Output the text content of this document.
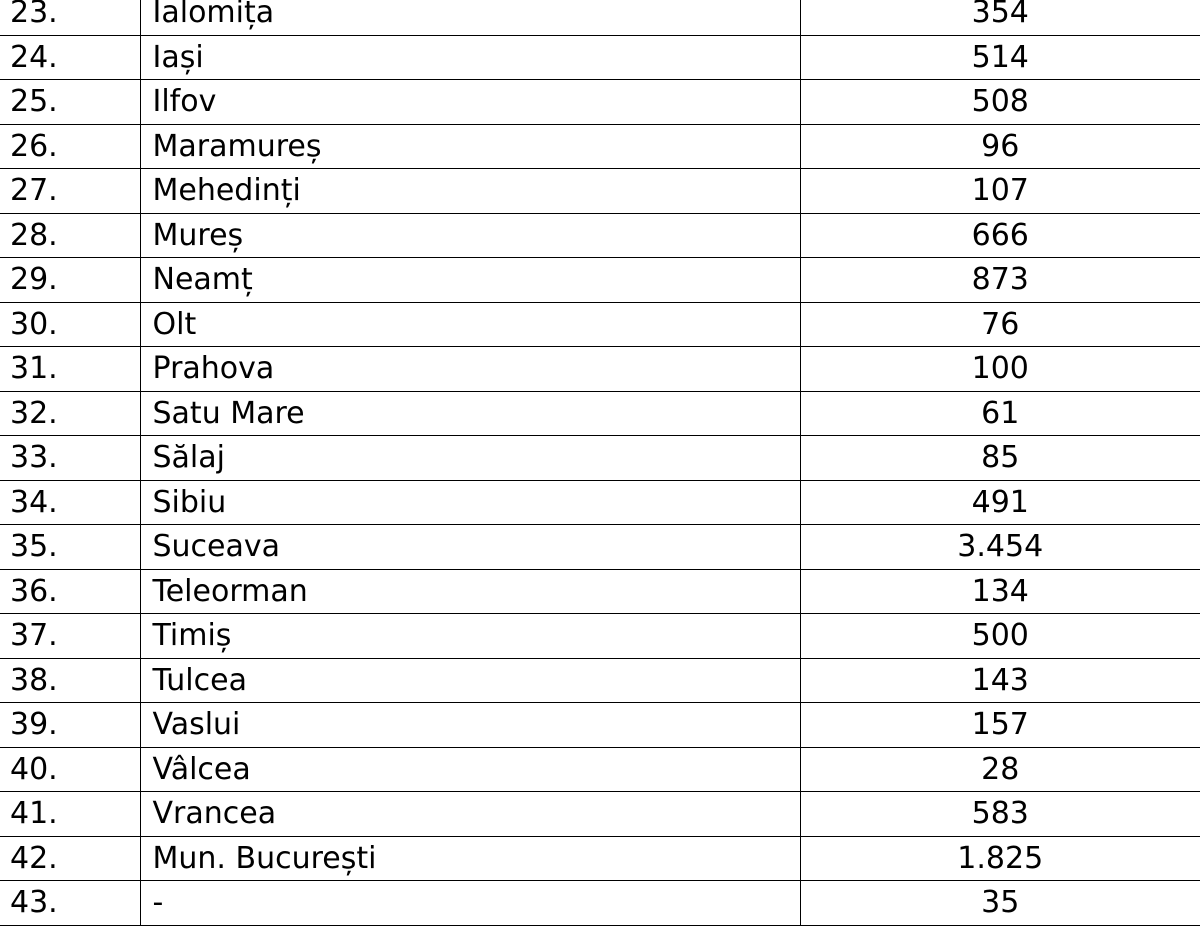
23.	Ialomița	354
24.	Iași	514
25.	Ilfov	508
26.	Maramureș	96
27.	Mehedinți	107
28.	Mureș	666
29.	Neamț	873
30.	Olt	76
31.	Prahova	100
32.	Satu Mare	61
33.	Sălaj	85
34.	Sibiu	491
35.	Suceava	3.454
36.	Teleorman	134
37.	Timiș	500
38.	Tulcea	143
39.	Vaslui	157
40.	Vâlcea	28
41.	Vrancea	583
42.	Mun. București	1.825
43.	-	35
